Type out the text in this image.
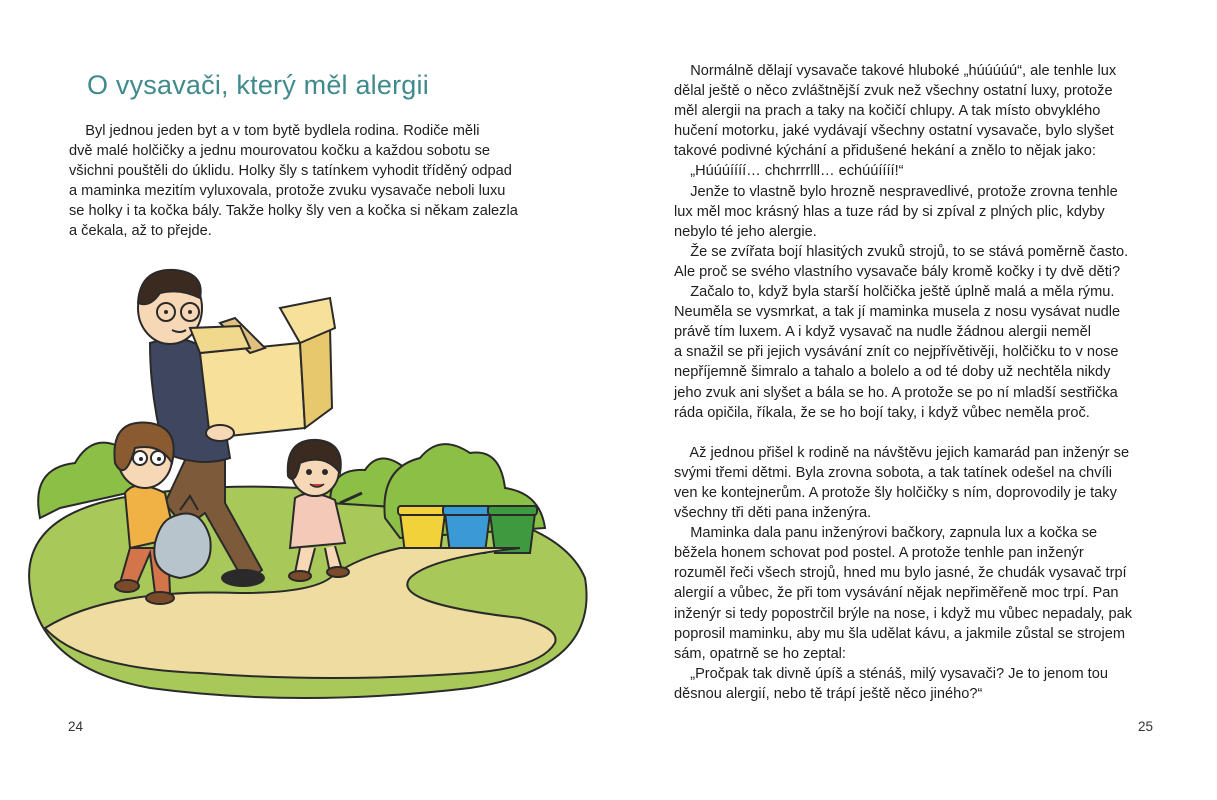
O vysavači, který měl alergii
Byl jednou jeden byt a v tom bytě bydlela rodina. Rodiče měli
dvě malé holčičky a jednu mourovatou kočku a každou sobotu se
všichni pouštěli do úklidu. Holky šly s tatínkem vyhodit tříděný odpad
a maminka mezitím vyluxovala, protože zvuku vysavače neboli luxu
se holky i ta kočka bály. Takže holky šly ven a kočka si někam zalezla
a čekala, až to přejde.
24
Normálně dělají vysavače takové hluboké „húúúúú“, ale tenhle lux
dělal ještě o něco zvláštnější zvuk než všechny ostatní luxy, protože
měl alergii na prach a taky na kočičí chlupy. A tak místo obvyklého
hučení motorku, jaké vydávají všechny ostatní vysavače, bylo slyšet
takové podivné kýchání a přidušené hekání a znělo to nějak jako:
„Húúúíííí… chchrrrlll… echúúíííí!“
Jenže to vlastně bylo hrozně nespravedlivé, protože zrovna tenhle
lux měl moc krásný hlas a tuze rád by si zpíval z plných plic, kdyby
nebylo té jeho alergie.
Že se zvířata bojí hlasitých zvuků strojů, to se stává poměrně často.
Ale proč se svého vlastního vysavače bály kromě kočky i ty dvě děti?
Začalo to, když byla starší holčička ještě úplně malá a měla rýmu.
Neuměla se vysmrkat, a tak jí maminka musela z nosu vysávat nudle
právě tím luxem. A i když vysavač na nudle žádnou alergii neměl
a snažil se při jejich vysávání znít co nejpřívětivěji, holčičku to v nose
nepříjemně šimralo a tahalo a bolelo a od té doby už nechtěla nikdy
jeho zvuk ani slyšet a bála se ho. A protože se po ní mladší sestřička
ráda opičila, říkala, že se ho bojí taky, i když vůbec neměla proč.
Až jednou přišel k rodině na návštěvu jejich kamarád pan inženýr se
svými třemi dětmi. Byla zrovna sobota, a tak tatínek odešel na chvíli
ven ke kontejnerům. A protože šly holčičky s ním, doprovodily je taky
všechny tři děti pana inženýra.
Maminka dala panu inženýrovi bačkory, zapnula lux a kočka se
běžela honem schovat pod postel. A protože tenhle pan inženýr
rozuměl řeči všech strojů, hned mu bylo jasné, že chudák vysavač trpí
alergií a vůbec, že při tom vysávání nějak nepřiměřeně moc trpí. Pan
inženýr si tedy popostrčil brýle na nose, i když mu vůbec nepadaly, pak
poprosil maminku, aby mu šla udělat kávu, a jakmile zůstal se strojem
sám, opatrně se ho zeptal:
„Pročpak tak divně úpíš a sténáš, milý vysavači? Je to jenom tou
děsnou alergií, nebo tě trápí ještě něco jiného?“
25
